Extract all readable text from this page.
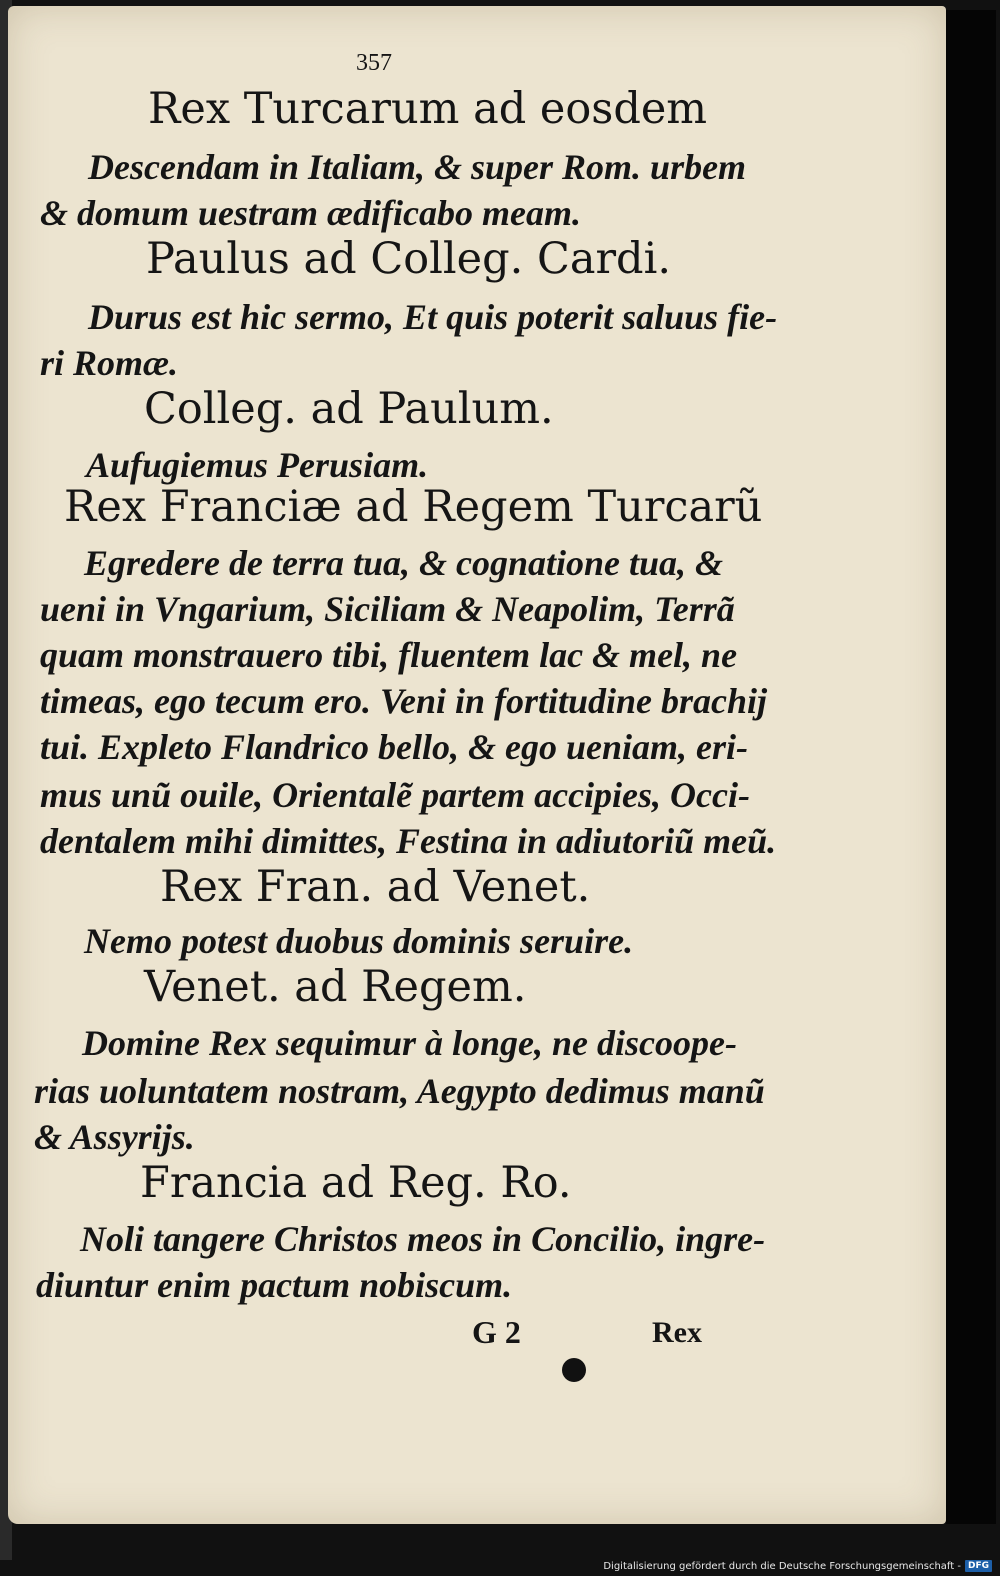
357
Rex Turcarum ad eosdem
Descendam in Italiam, & super Rom. urbem
& domum uestram ædificabo meam.
Paulus ad Colleg. Cardi.
Durus est hic sermo, Et quis poterit saluus fie-
ri Romæ.
Colleg. ad Paulum.
Aufugiemus Perusiam.
Rex Franciæ ad Regem Turcarũ
Egredere de terra tua, & cognatione tua, &
ueni in Vngarium, Siciliam & Neapolim, Terrã
quam monstrauero tibi, fluentem lac & mel, ne
timeas, ego tecum ero. Veni in fortitudine brachij
tui. Expleto Flandrico bello, & ego ueniam, eri-
mus unũ ouile, Orientalẽ partem accipies, Occi-
dentalem mihi dimittes, Festina in adiutoriũ meũ.
Rex Fran. ad Venet.
Nemo potest duobus dominis seruire.
Venet. ad Regem.
Domine Rex sequimur à longe, ne discoope-
rias uoluntatem nostram, Aegypto dedimus manũ
& Assyrijs.
Francia ad Reg. Ro.
Noli tangere Christos meos in Concilio, ingre-
diuntur enim pactum nobiscum.
G 2	Rex
Digitalisierung gefördert durch die Deutsche Forschungsgemeinschaft - DFG
